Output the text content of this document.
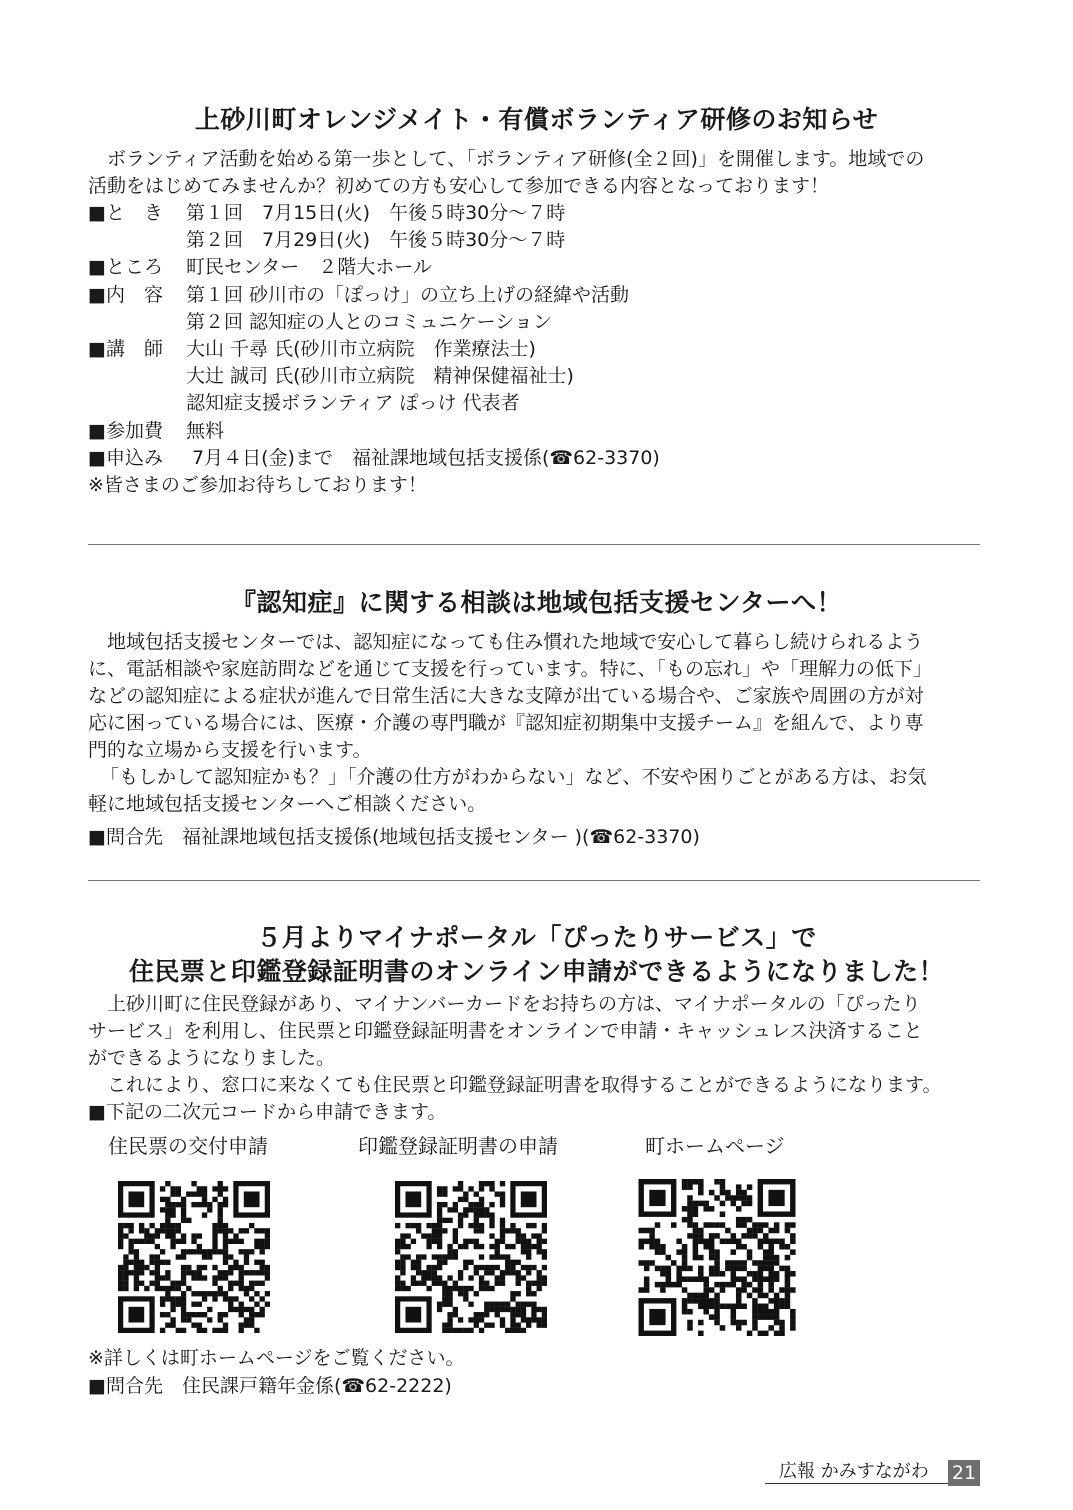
上砂川町オレンジメイト・有償ボランティア研修のお知らせ
　ボランティア活動を始める第一歩として、「ボランティア研修(全２回)」を開催します。地域での
活動をはじめてみませんか？初めての方も安心して参加できる内容となっております！
■と　き 第１回　7月15日(火)　午後５時30分～７時
第２回　7月29日(火)　午後５時30分～７時
■ところ 町民センター　２階大ホール
■内　容 第１回 砂川市の「ぽっけ」の立ち上げの経緯や活動
第２回 認知症の人とのコミュニケーション
■講　師 大山 千尋 氏(砂川市立病院　作業療法士)
大辻 誠司 氏(砂川市立病院　精神保健福祉士)
認知症支援ボランティア ぽっけ 代表者
■参加費 無料
■申込み 7月４日(金)まで　福祉課地域包括支援係(☎62-3370)
※皆さまのご参加お待ちしております！
『認知症』に関する相談は地域包括支援センターへ！
　地域包括支援センターでは、認知症になっても住み慣れた地域で安心して暮らし続けられるよう
に、電話相談や家庭訪問などを通じて支援を行っています。特に、「もの忘れ」や「理解力の低下」
などの認知症による症状が進んで日常生活に大きな支障が出ている場合や、ご家族や周囲の方が対
応に困っている場合には、医療・介護の専門職が『認知症初期集中支援チーム』を組んで、より専
門的な立場から支援を行います。
「もしかして認知症かも？」「介護の仕方がわからない」など、不安や困りごとがある方は、お気
軽に地域包括支援センターへご相談ください。
■問合先　福祉課地域包括支援係(地域包括支援センター )(☎62-3370)
５月よりマイナポータル「ぴったりサービス」で
住民票と印鑑登録証明書のオンライン申請ができるようになりました！
　上砂川町に住民登録があり、マイナンバーカードをお持ちの方は、マイナポータルの「ぴったり
サービス」を利用し、住民票と印鑑登録証明書をオンラインで申請・キャッシュレス決済すること
ができるようになりました。
　これにより、窓口に来なくても住民票と印鑑登録証明書を取得することができるようになります。
■下記の二次元コードから申請できます。
住民票の交付申請	印鑑登録証明書の申請	町ホームページ
※詳しくは町ホームページをご覧ください。
■問合先　住民課戸籍年金係(☎62-2222)
広報 かみすながわ	21
